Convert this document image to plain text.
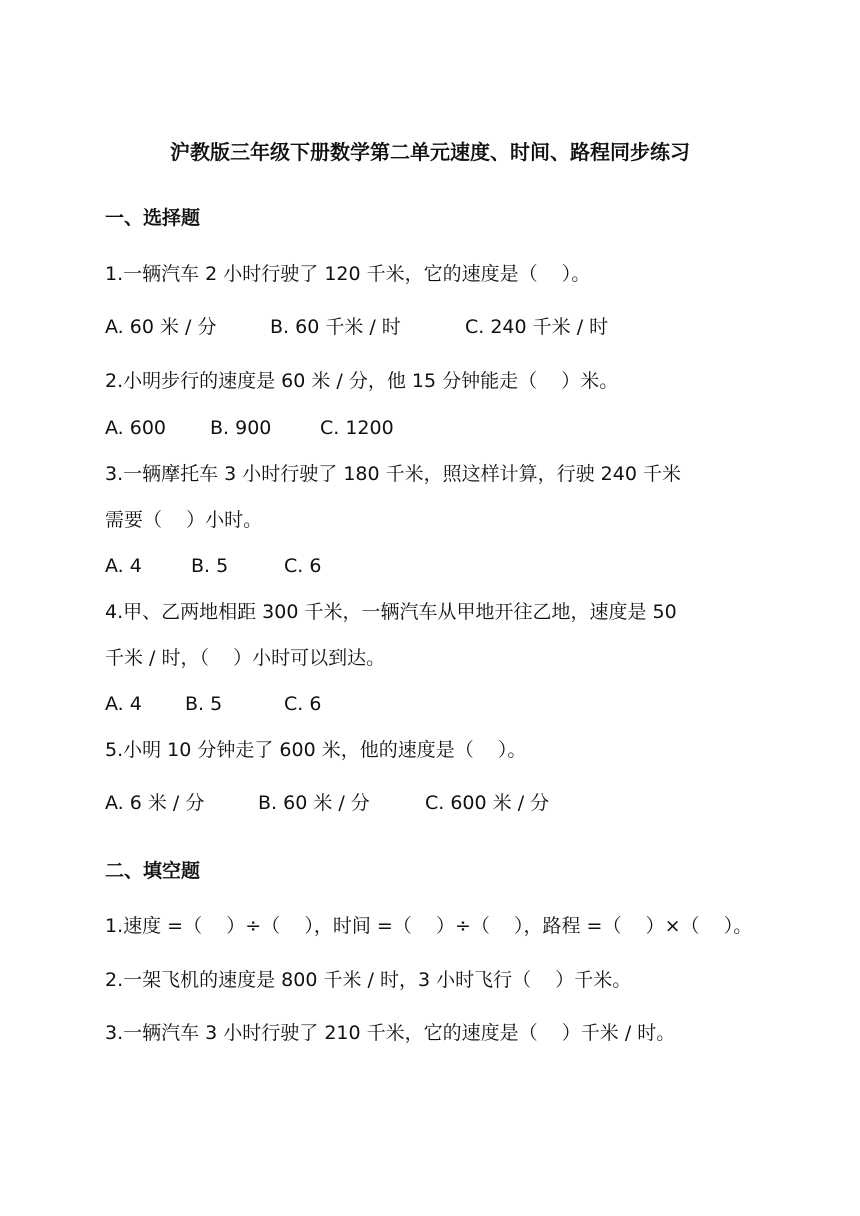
沪教版三年级下册数学第二单元速度、时间、路程同步练习
一、选择题
1.一辆汽车 2 小时行驶了 120 千米，它的速度是（    ）。
A. 60 米 / 分	B. 60 千米 / 时	C. 240 千米 / 时
2.小明步行的速度是 60 米 / 分，他 15 分钟能走（    ）米。
A. 600 B. 900	C. 1200
3.一辆摩托车 3 小时行驶了 180 千米，照这样计算，行驶 240 千米
需要（    ）小时。
A. 4	B. 5	C. 6
4.甲、乙两地相距 300 千米，一辆汽车从甲地开往乙地，速度是 50
千米 / 时，（    ）小时可以到达。
A. 4 B. 5	C. 6
5.小明 10 分钟走了 600 米，他的速度是（    ）。
A. 6 米 / 分	B. 60 米 / 分	C. 600 米 / 分
二、填空题
1.速度 =（    ）÷（    ），时间 =（    ）÷（    ），路程 =（    ）×（    ）。
2.一架飞机的速度是 800 千米 / 时，3 小时飞行（    ）千米。
3.一辆汽车 3 小时行驶了 210 千米，它的速度是（    ）千米 / 时。
